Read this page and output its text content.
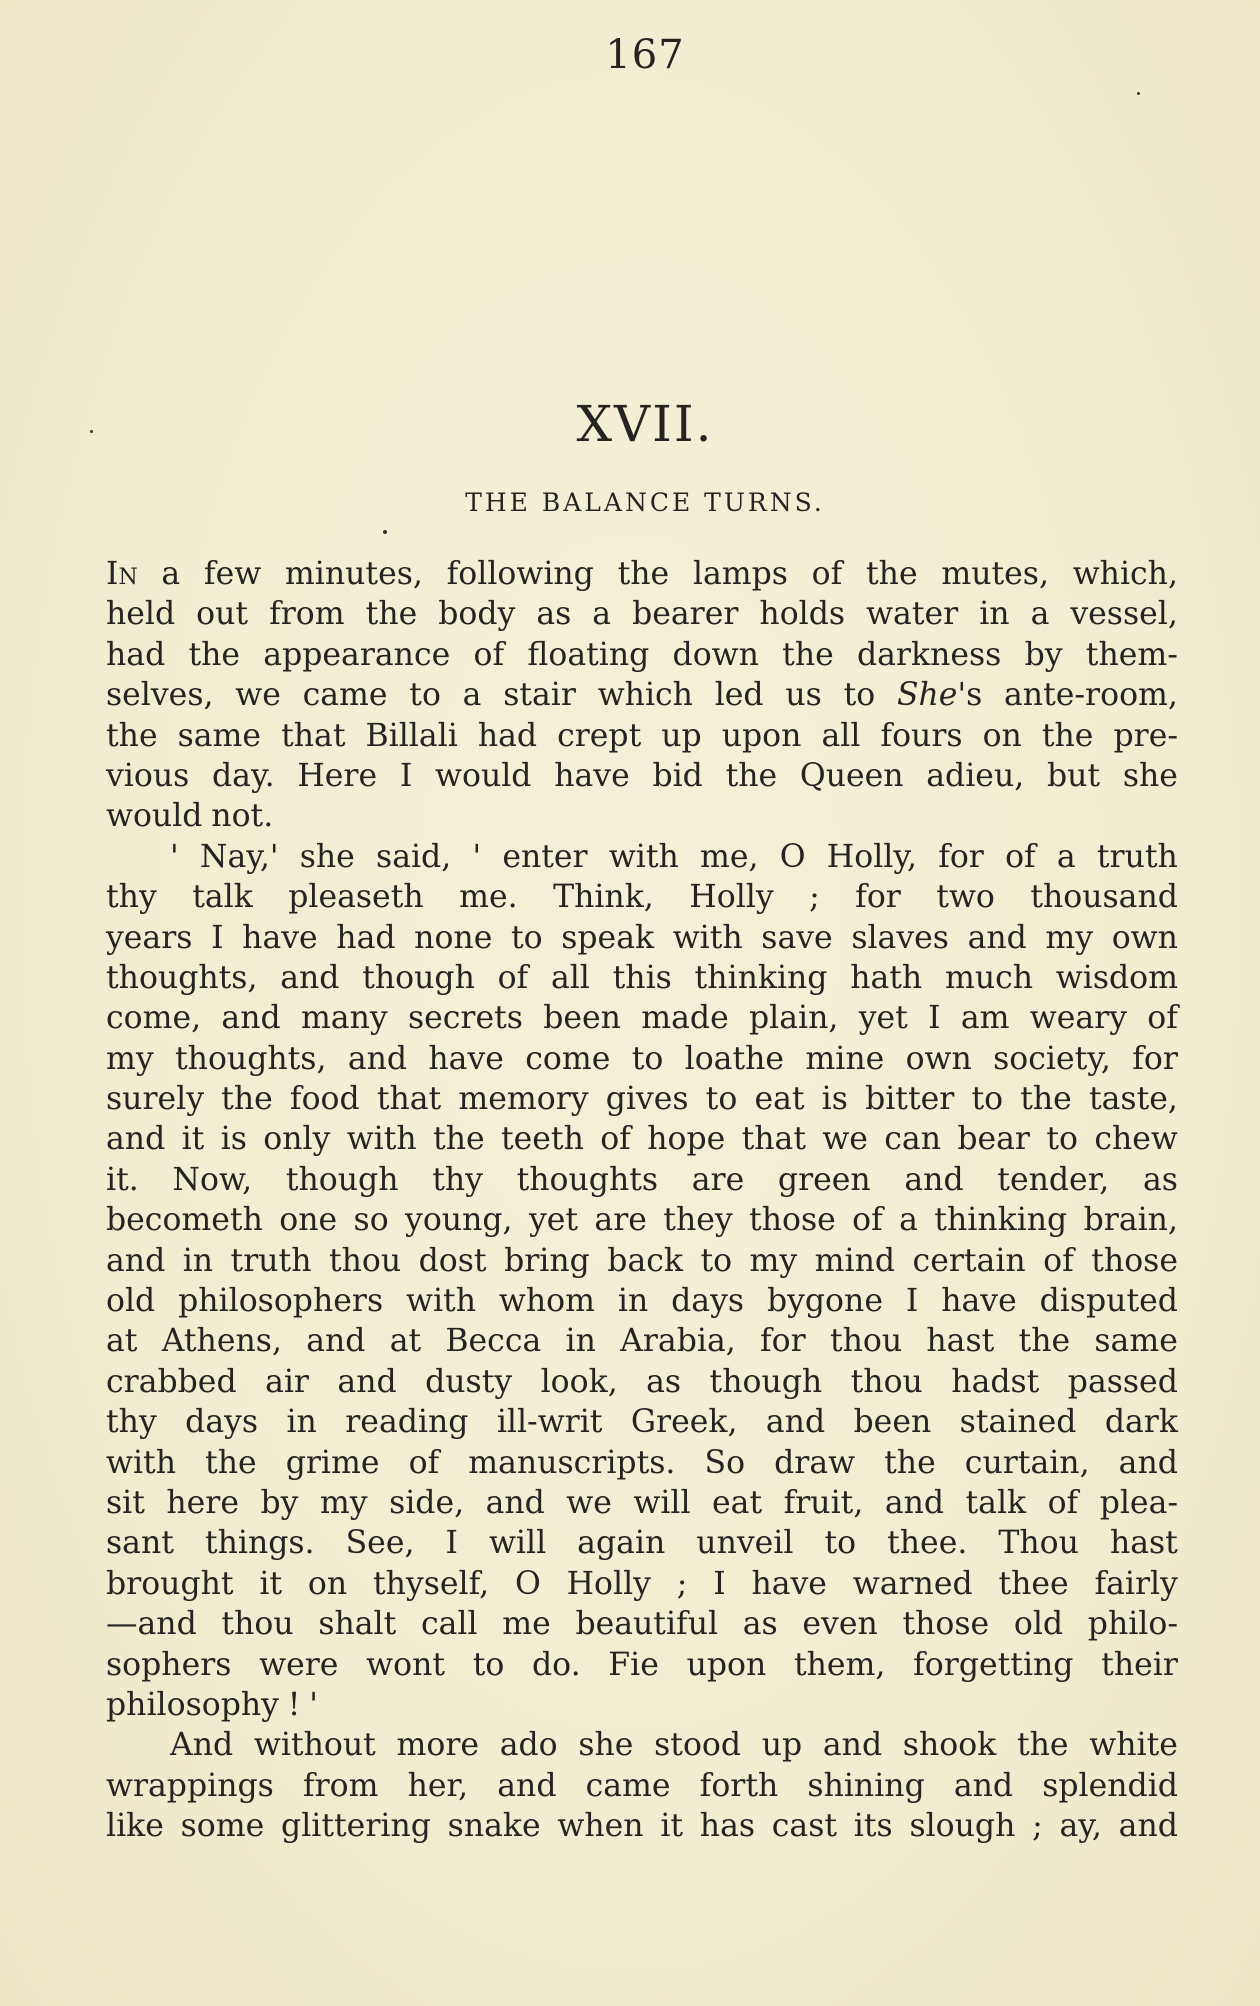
167
XVII.
THE BALANCE TURNS.
In a few minutes, following the lamps of the mutes, which,
held out from the body as a bearer holds water in a vessel,
had the appearance of floating down the darkness by them-
selves, we came to a stair which led us to She's ante-room,
the same that Billali had crept up upon all fours on the pre-
vious day. Here I would have bid the Queen adieu, but she
would not.
' Nay,' she said, ' enter with me, O Holly, for of a truth
thy talk pleaseth me. Think, Holly ; for two thousand
years I have had none to speak with save slaves and my own
thoughts, and though of all this thinking hath much wisdom
come, and many secrets been made plain, yet I am weary of
my thoughts, and have come to loathe mine own society, for
surely the food that memory gives to eat is bitter to the taste,
and it is only with the teeth of hope that we can bear to chew
it. Now, though thy thoughts are green and tender, as
becometh one so young, yet are they those of a thinking brain,
and in truth thou dost bring back to my mind certain of those
old philosophers with whom in days bygone I have disputed
at Athens, and at Becca in Arabia, for thou hast the same
crabbed air and dusty look, as though thou hadst passed
thy days in reading ill-writ Greek, and been stained dark
with the grime of manuscripts. So draw the curtain, and
sit here by my side, and we will eat fruit, and talk of plea-
sant things. See, I will again unveil to thee. Thou hast
brought it on thyself, O Holly ; I have warned thee fairly
—and thou shalt call me beautiful as even those old philo-
sophers were wont to do. Fie upon them, forgetting their
philosophy ! '
And without more ado she stood up and shook the white
wrappings from her, and came forth shining and splendid
like some glittering snake when it has cast its slough ; ay, and
